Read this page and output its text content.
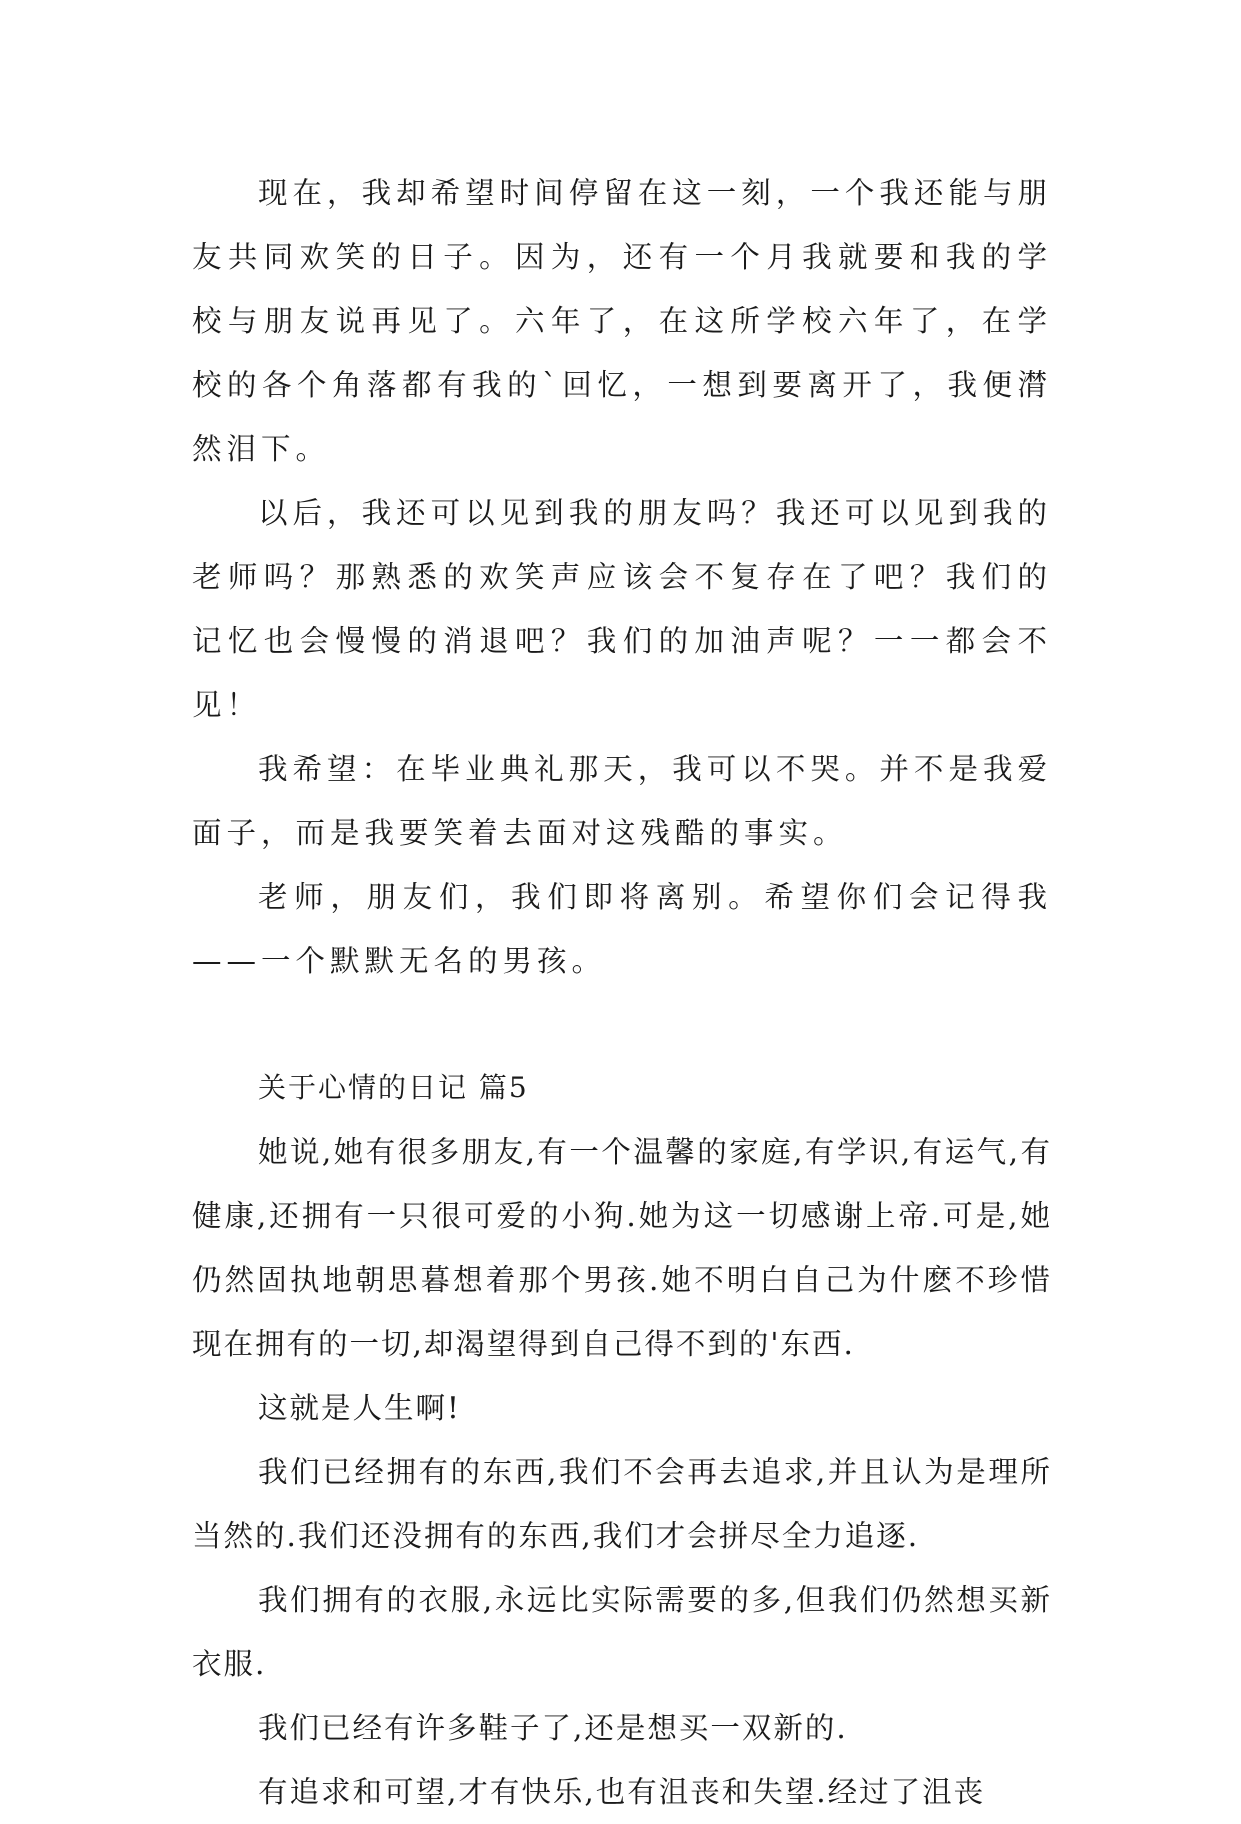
现在，我却希望时间停留在这一刻，一个我还能与朋友共同欢笑的日子。因为，还有一个月我就要和我的学校与朋友说再见了。六年了，在这所学校六年了，在学校的各个角落都有我的`回忆，一想到要离开了，我便潸然泪下。

以后，我还可以见到我的朋友吗？我还可以见到我的老师吗？那熟悉的欢笑声应该会不复存在了吧？我们的记忆也会慢慢的消退吧？我们的加油声呢？一一都会不见！

我希望：在毕业典礼那天，我可以不哭。并不是我爱面子，而是我要笑着去面对这残酷的事实。

老师，朋友们，我们即将离别。希望你们会记得我——一个默默无名的男孩。

关于心情的日记 篇5

她说,她有很多朋友,有一个温馨的家庭,有学识,有运气,有健康,还拥有一只很可爱的小狗.她为这一切感谢上帝.可是,她仍然固执地朝思暮想着那个男孩.她不明白自己为什麽不珍惜现在拥有的一切,却渴望得到自己得不到的'东西.

这就是人生啊!

我们已经拥有的东西,我们不会再去追求,并且认为是理所当然的.我们还没拥有的东西,我们才会拼尽全力追逐.

我们拥有的衣服,永远比实际需要的多,但我们仍然想买新衣服.

我们已经有许多鞋子了,还是想买一双新的.

有追求和可望,才有快乐,也有沮丧和失望.经过了沮丧
